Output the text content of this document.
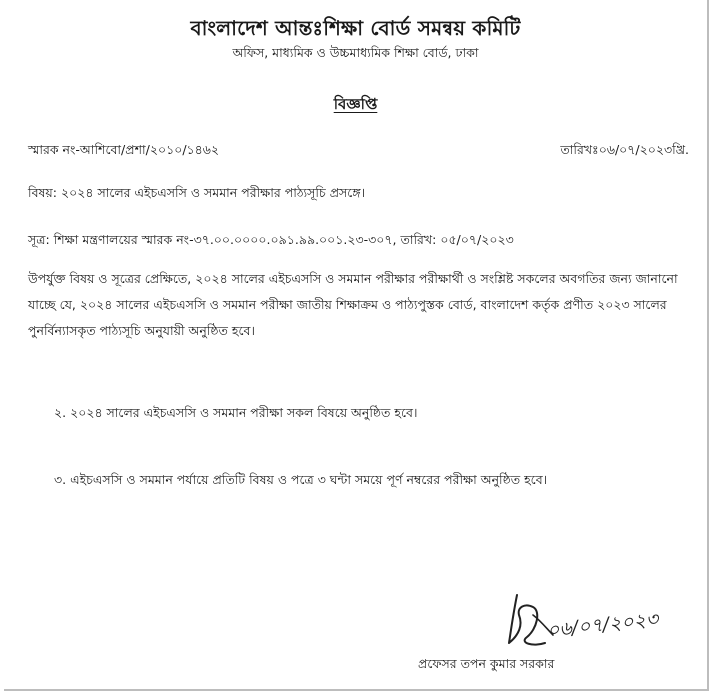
বাংলাদেশ আন্তঃশিক্ষা বোর্ড সমন্বয় কমিটি
অফিস, মাধ্যমিক ও উচ্চমাধ্যমিক শিক্ষা বোর্ড, ঢাকা
বিজ্ঞপ্তি
স্মারক নং-আশিবো/প্রশা/২০১০/১৪৬২	তারিখঃ০৬/০৭/২০২৩খ্রি.
বিষয়: ২০২৪ সালের এইচএসসি ও সমমান পরীক্ষার পাঠ্যসূচি প্রসঙ্গে।
সূত্র: শিক্ষা মন্ত্রণালয়ের স্মারক নং-৩৭.০০.০০০০.০৯১.৯৯.০০১.২৩-৩০৭, তারিখ: ০৫/০৭/২০২৩
উপর্যুক্ত বিষয় ও সূত্রের প্রেক্ষিতে, ২০২৪ সালের এইচএসসি ও সমমান পরীক্ষার পরীক্ষার্থী ও সংশ্লিষ্ট সকলের অবগতির জন্য জানানো যাচ্ছে যে, ২০২৪ সালের এইচএসসি ও সমমান পরীক্ষা জাতীয় শিক্ষাক্রম ও পাঠ্যপুস্তক বোর্ড, বাংলাদেশ কর্তৃক প্রণীত ২০২৩ সালের পুনর্বিন্যাসকৃত পাঠ্যসূচি অনুযায়ী অনুষ্ঠিত হবে।
২. ২০২৪ সালের এইচএসসি ও সমমান পরীক্ষা সকল বিষয়ে অনুষ্ঠিত হবে।
৩. এইচএসসি ও সমমান পর্যায়ে প্রতিটি বিষয় ও পত্রে ৩ ঘন্টা সময়ে পূর্ণ নম্বরের পরীক্ষা অনুষ্ঠিত হবে।
০৬/০৭/২০২৩
প্রফেসর তপন কুমার সরকার
